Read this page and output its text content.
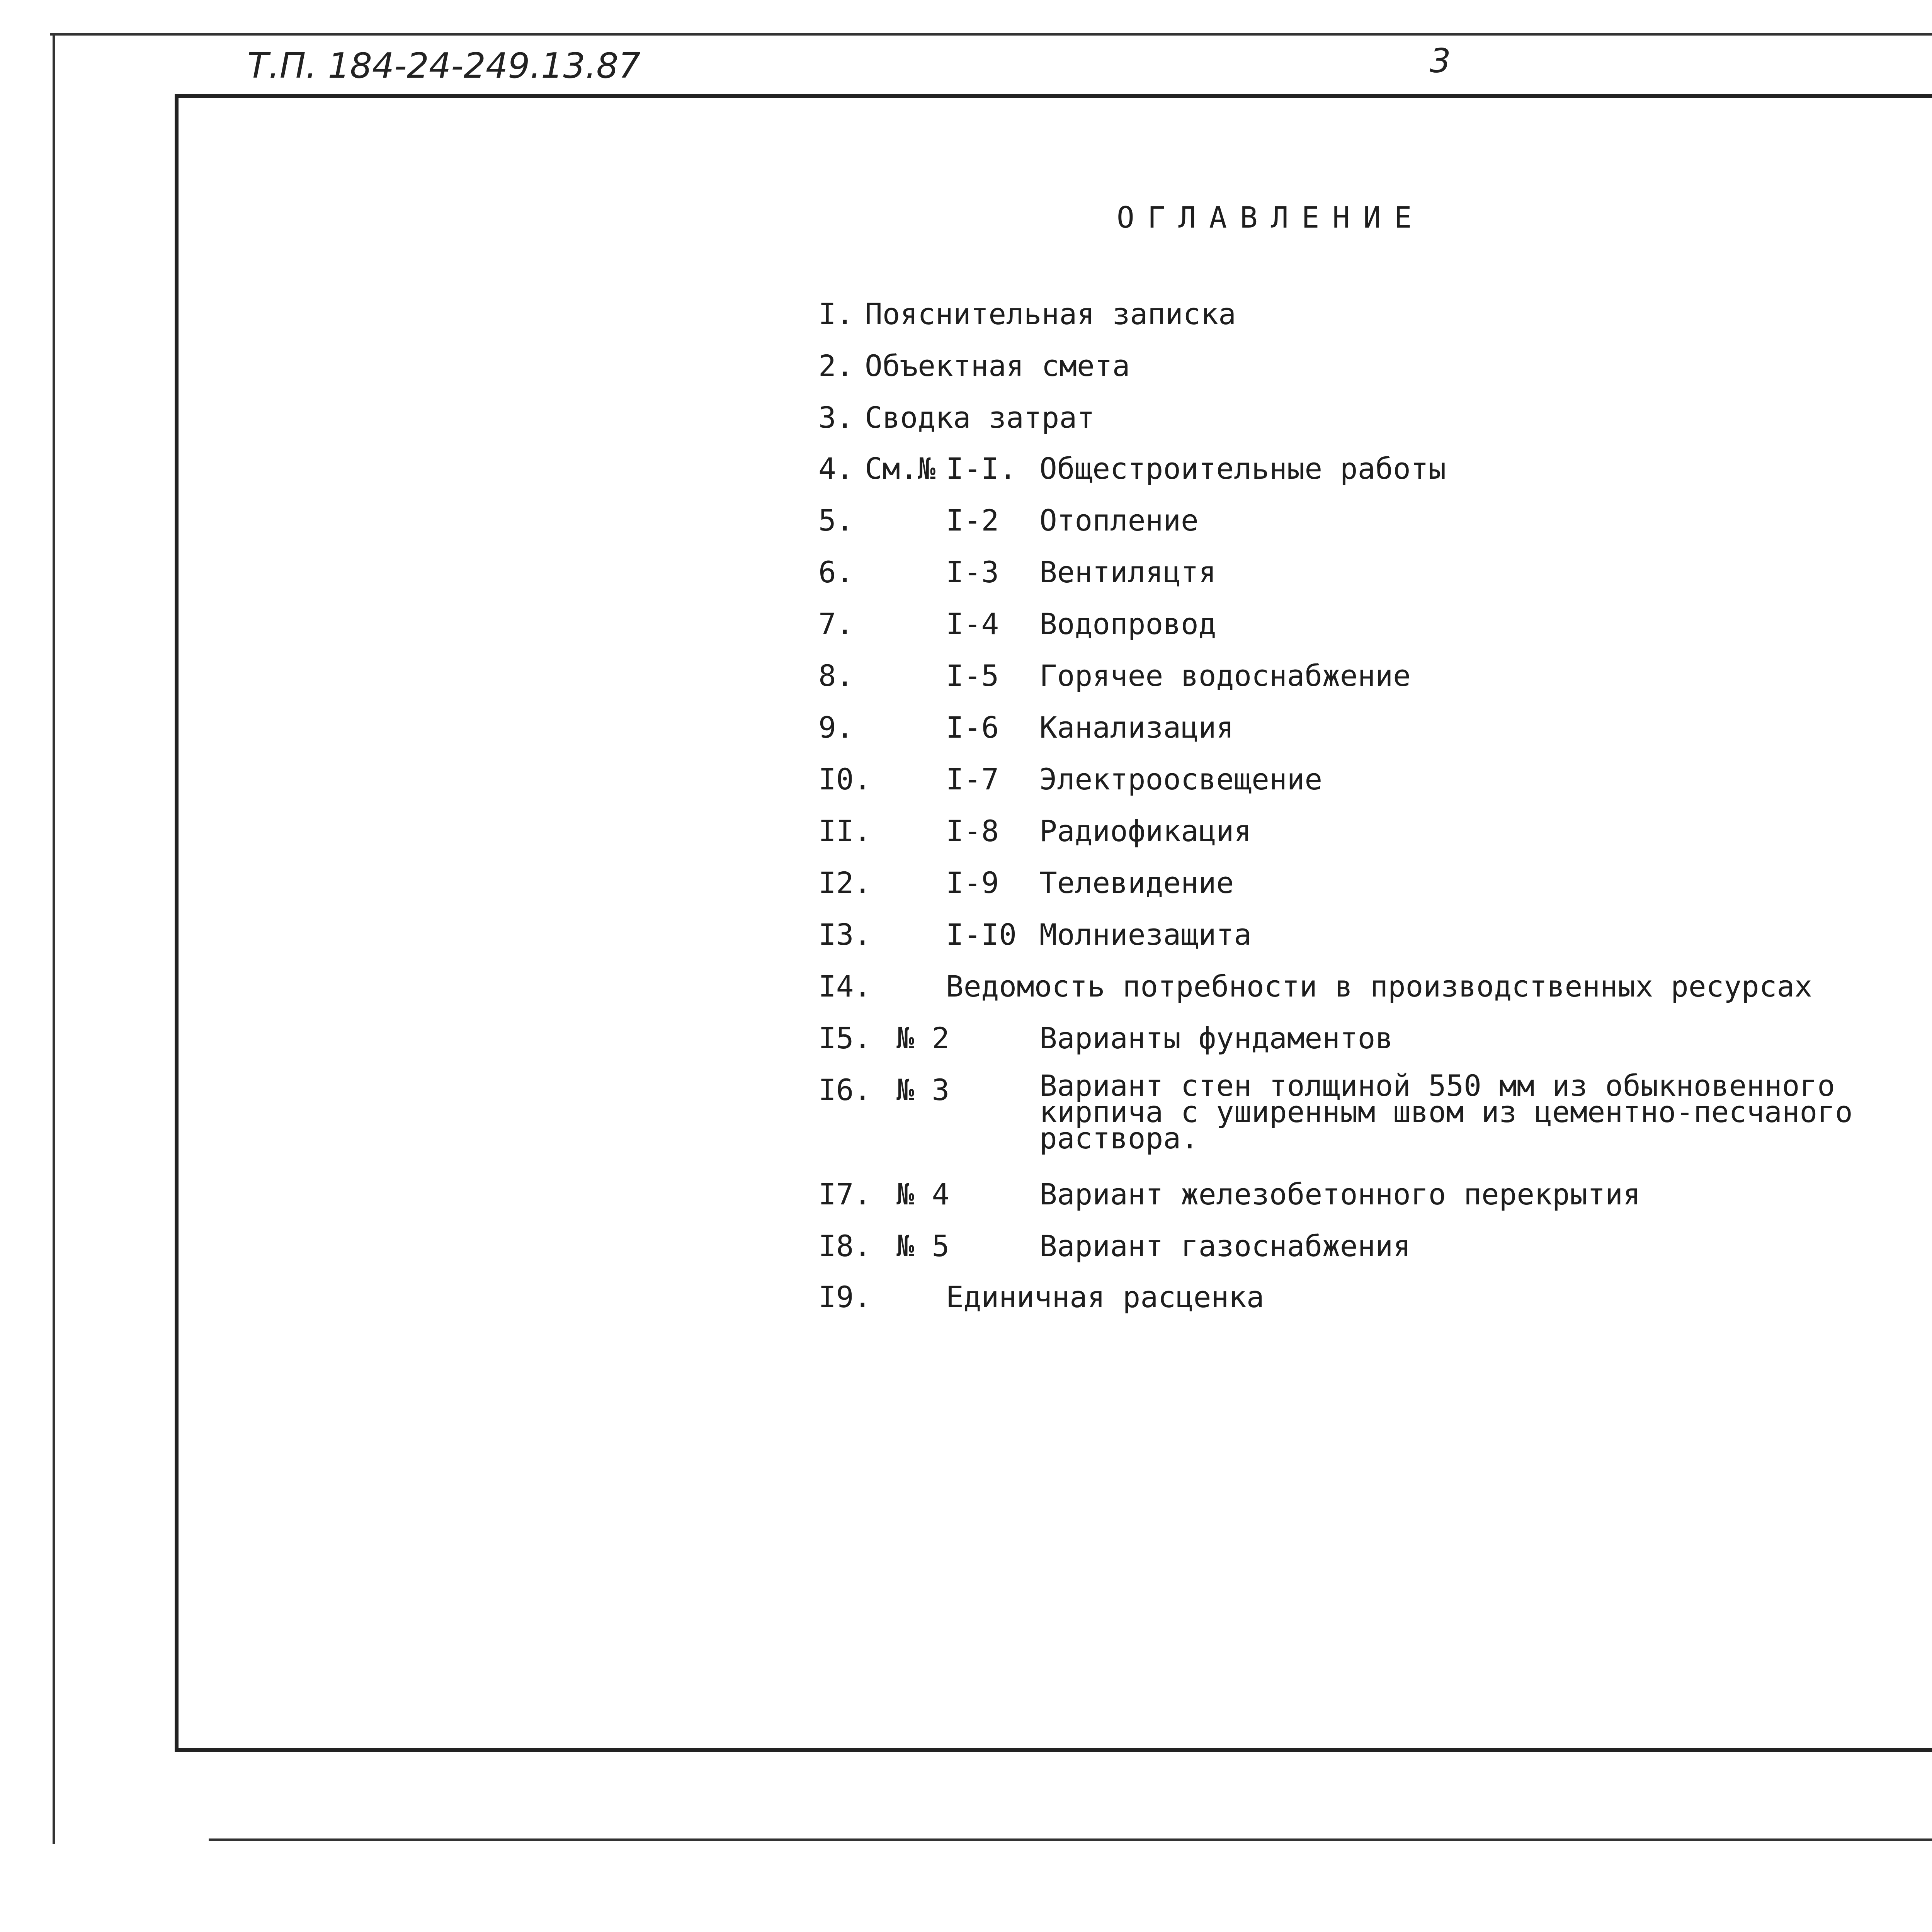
Т.П. 184-24-249.13.87	3
ОГЛАВЛЕНИЕ
I. Пояснительная записка
2. Объектная смета
3. Сводка затрат
4. См.№ I-I. Общестроительные работы
5.	I-2 Отопление
6.	I-3 Вентиляцтя
7.	I-4 Водопровод
8.	I-5 Горячее водоснабжение
9.	I-6 Канализация
I0.	I-7 Электроосвещение
II.	I-8 Радиофикация
I2.	I-9 Телевидение
I3.	I-I0 Молниезащита
I4.	Ведомость потребности в производственных ресурсах
I5. № 2	Варианты фундаментов
I6. № 3	Вариант стен толщиной 550 мм из обыкновенного
кирпича с уширенным швом из цементно-песчаного
раствора.
I7. № 4	Вариант железобетонного перекрытия
I8. № 5	Вариант газоснабжения
I9.	Единичная расценка
